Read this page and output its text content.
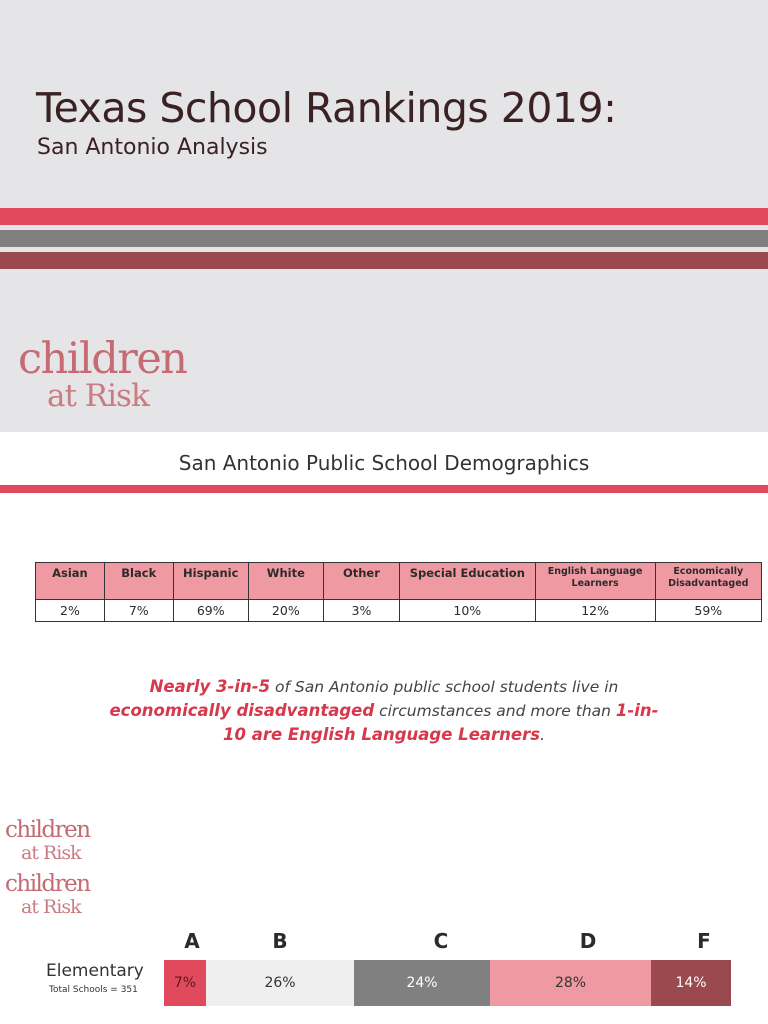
Texas School Rankings 2019:
San Antonio Analysis
children
at Risk
San Antonio Public School Demographics
Asian	Black	Hispanic	White	Other	Special Education	English Language Learners	Economically Disadvantaged
2%	7%	69%	20%	3%	10%	12%	59%

Nearly 3-in-5 of San Antonio public school students live in economically disadvantaged circumstances and more than 1-in-10 are English Language Learners.

children
at Risk
children
at Risk
A	B	C	D	F

Elementary

Total Schools = 351	7%	26%	24%	28%	14%
